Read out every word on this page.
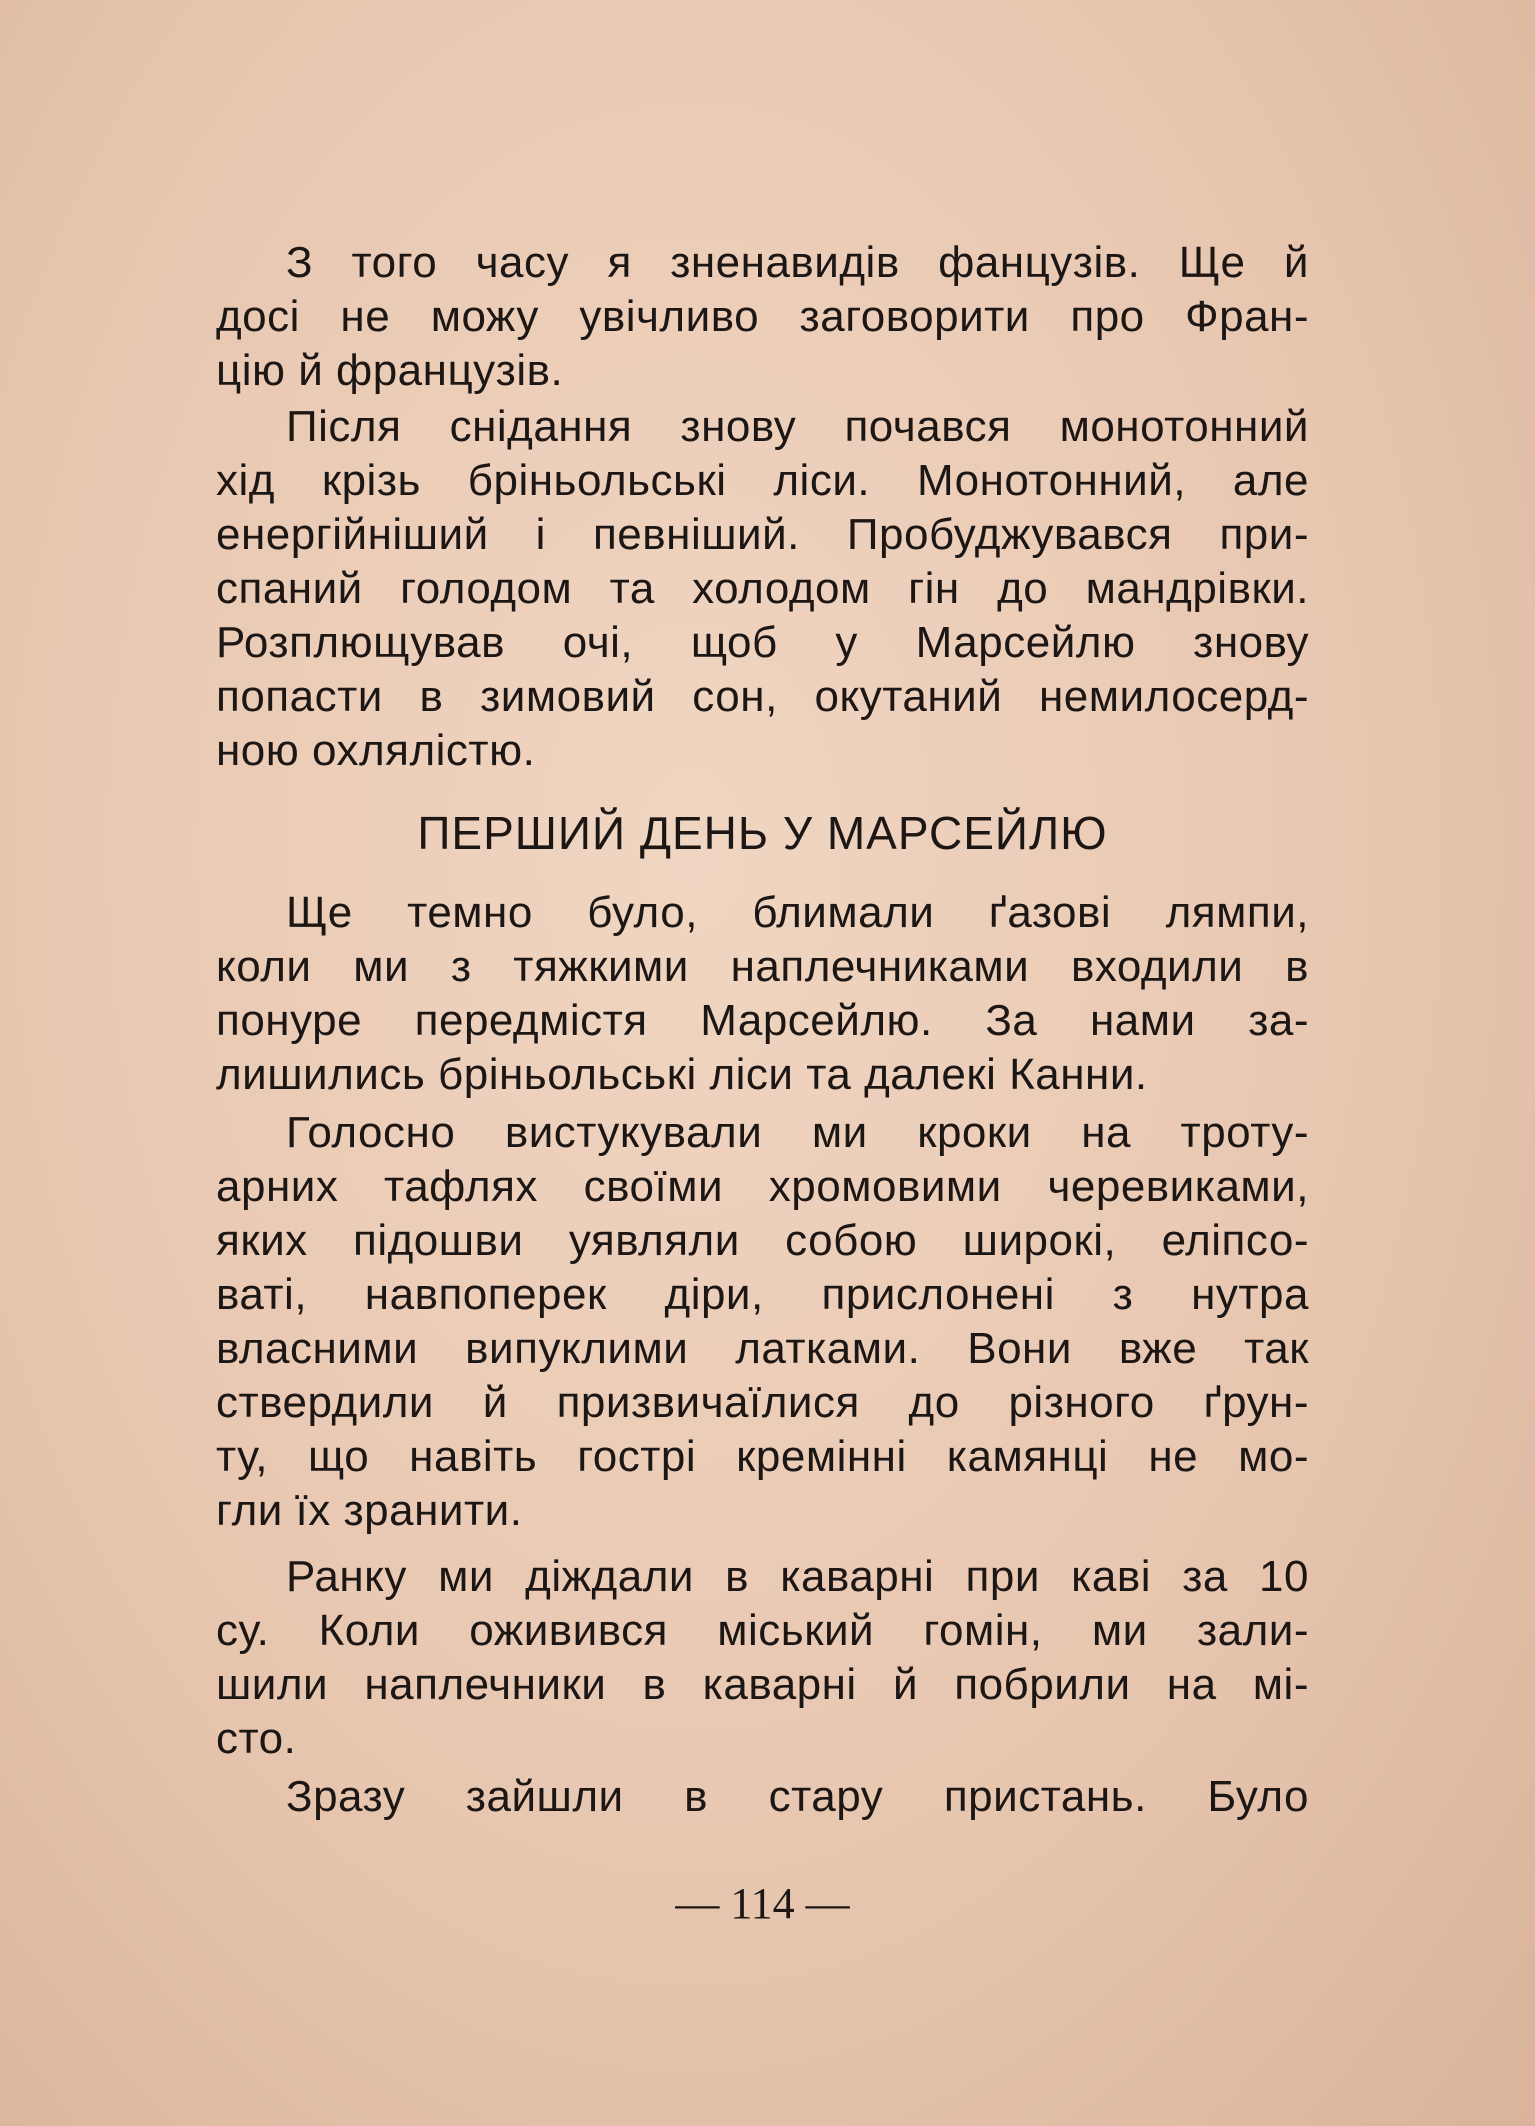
З того часу я зненавидів фанцузів. Ще й
досі не можу увічливо заговорити про Фран-
цію й французів.
Після снідання знову почався монотонний
хід крізь бріньольські ліси. Монотонний, але
енергійніший і певніший. Пробуджувався при-
спаний голодом та холодом гін до мандрівки.
Розплющував очі, щоб у Марсейлю знову
попасти в зимовий сон, окутаний немилосерд-
ною охлялістю.
ПЕРШИЙ ДЕНЬ У МАРСЕЙЛЮ
Ще темно було, блимали ґазові лямпи,
коли ми з тяжкими наплечниками входили в
понуре передмістя Марсейлю. За нами за-
лишились бріньольські ліси та далекі Канни.
Голосно вистукували ми кроки на троту-
арних тафлях своїми хромовими черевиками,
яких підошви уявляли собою широкі, еліпсо-
ваті, навпоперек діри, прислонені з нутра
власними випуклими латками. Вони вже так
ствердили й призвичаїлися до різного ґрун-
ту, що навіть гострі кремінні камянці не мо-
гли їх зранити.
Ранку ми діждали в каварні при каві за 10
су. Коли оживився міський гомін, ми зали-
шили наплечники в каварні й побрили на мі-
сто.
Зразу зайшли в стару пристань. Було
— 114 —
